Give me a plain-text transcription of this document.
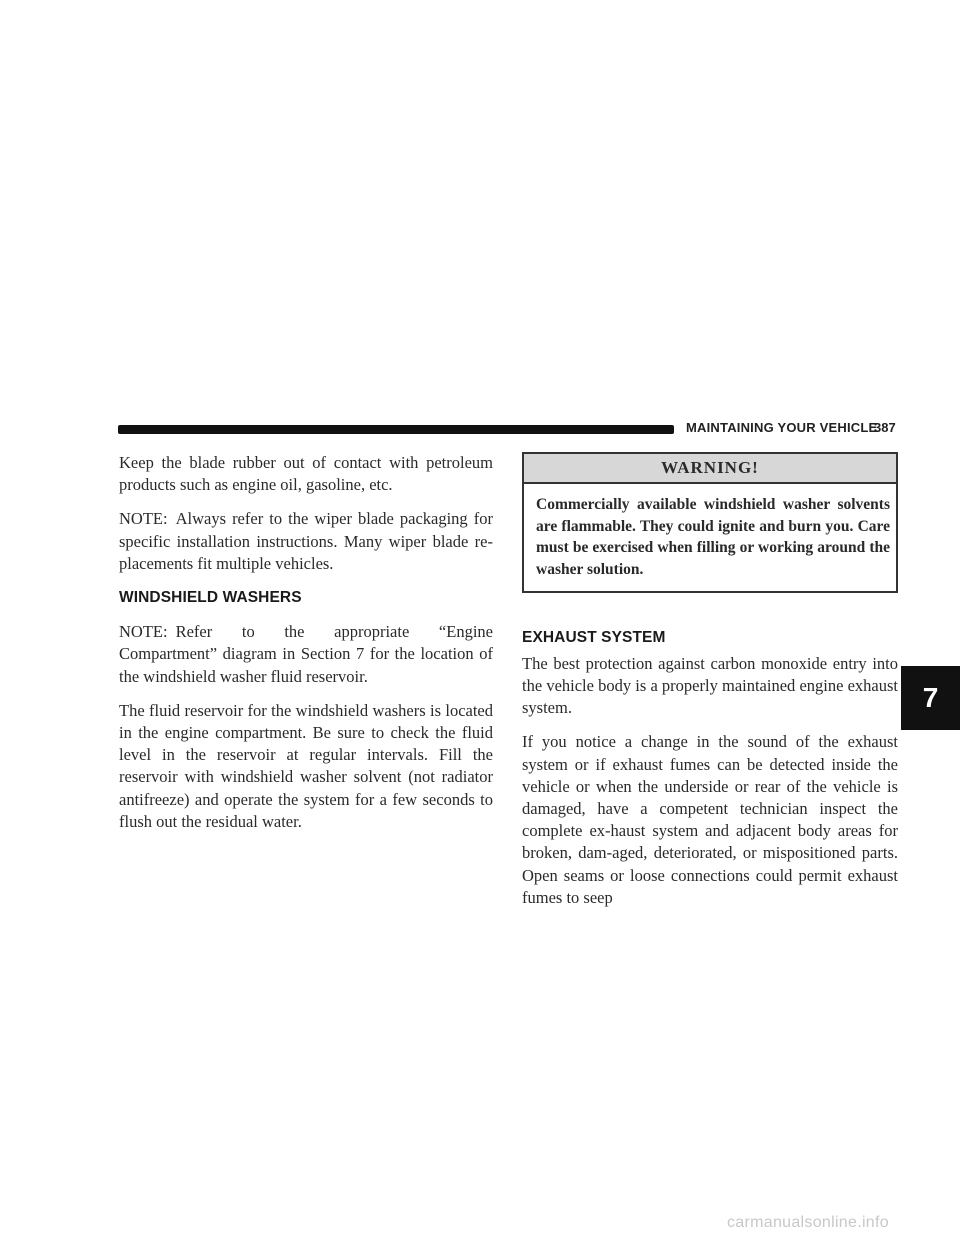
MAINTAINING YOUR VEHICLE
387

Keep the blade rubber out of contact with petroleum products such as engine oil, gasoline, etc.

NOTE: Always refer to the wiper blade packaging for specific installation instructions. Many wiper blade re-placements fit multiple vehicles.

WINDSHIELD WASHERS

NOTE: Refer to the appropriate “Engine Compartment” diagram in Section 7 for the location of the windshield washer fluid reservoir.

The fluid reservoir for the windshield washers is located in the engine compartment. Be sure to check the fluid level in the reservoir at regular intervals. Fill the reservoir with windshield washer solvent (not radiator antifreeze) and operate the system for a few seconds to flush out the residual water.

WARNING!
Commercially available windshield washer solvents are flammable. They could ignite and burn you. Care must be exercised when filling or working around the washer solution.
EXHAUST SYSTEM

The best protection against carbon monoxide entry into the vehicle body is a properly maintained engine exhaust system.

If you notice a change in the sound of the exhaust system or if exhaust fumes can be detected inside the vehicle or when the underside or rear of the vehicle is damaged, have a competent technician inspect the complete ex-haust system and adjacent body areas for broken, dam-aged, deteriorated, or mispositioned parts. Open seams or loose connections could permit exhaust fumes to seep

7
carmanualsonline.info
